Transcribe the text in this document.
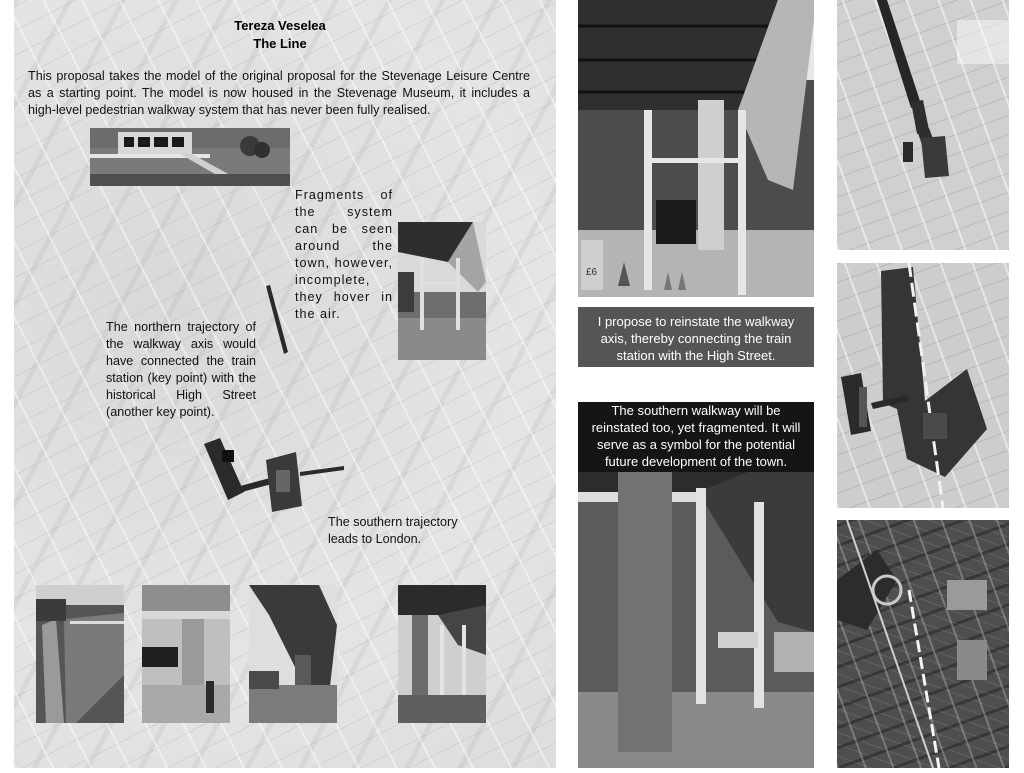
Tereza Veselea
The Line
This proposal takes the model of the original proposal for the Stevenage Leisure Centre as a starting point. The model is now housed in the Stevenage Museum, it includes a high-level pedestrian walkway system that has never been fully realised.
Fragments of the system can be seen around the town, however, incomplete, they hover in the air.
The northern trajectory of the walkway axis would have connected the train station (key point) with the historical High Street (another key point).
The southern trajectory leads to London.
£6
I propose to reinstate the walkway axis, thereby connecting the train station with the High Street.
The southern walkway will be reinstated too, yet fragmented. It will serve as a symbol for the potential future development of the town.
